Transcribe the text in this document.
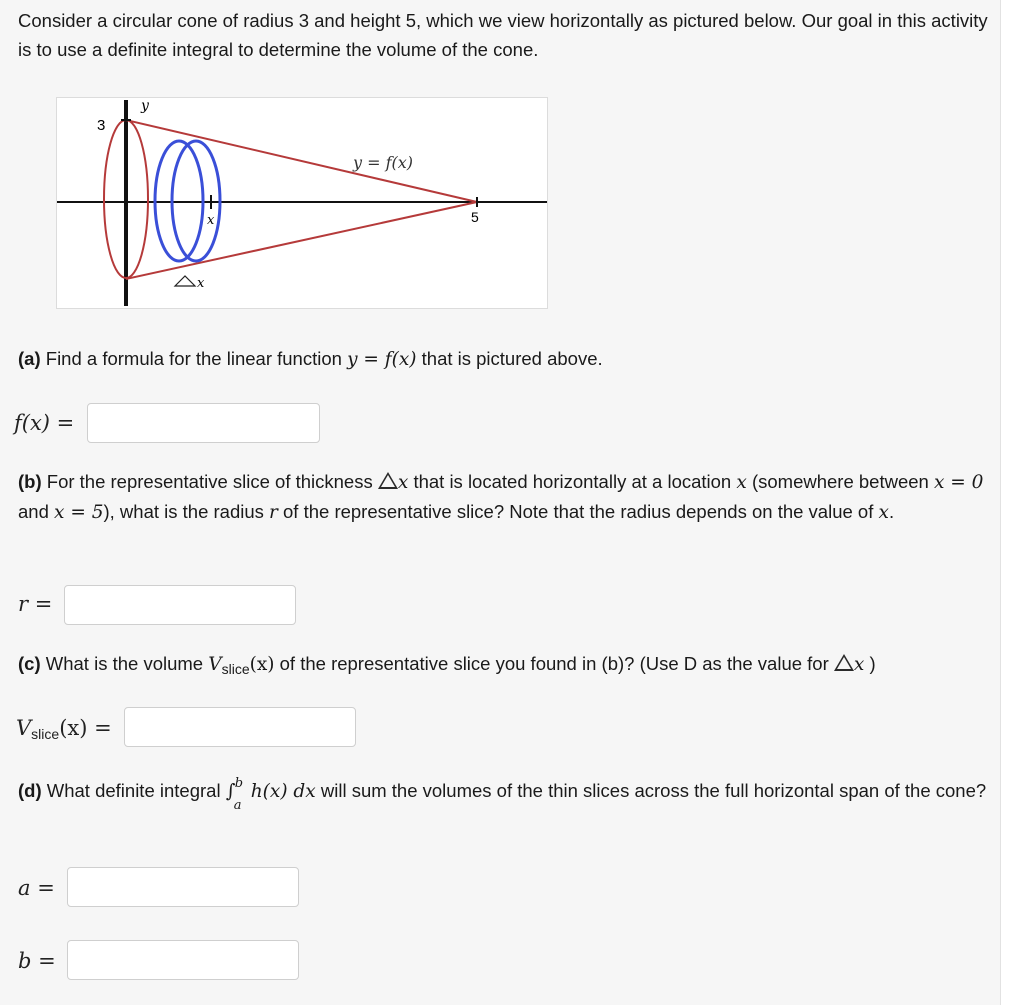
Consider a circular cone of radius 3 and height 5, which we view horizontally as pictured below. Our goal in this activity is to use a definite integral to determine the volume of the cone.
y
3
y = f(x)
x	5
x
(a) Find a formula for the linear function y = f(x) that is pictured above.
f(x) =
(b) For the representative slice of thickness x that is located horizontally at a location x (somewhere between x = 0 and x = 5), what is the radius r of the representative slice? Note that the radius depends on the value of x.
r =
(c) What is the volume $V_{slice}(x)$ of the representative slice you found in (b)? (Use D as the value for x )
$V_{slice}(x)$ =
(d) What definite integral ∫ b
a
h(x) dx will sum the volumes of the thin slices across the full horizontal span of the cone?
a =
b =
